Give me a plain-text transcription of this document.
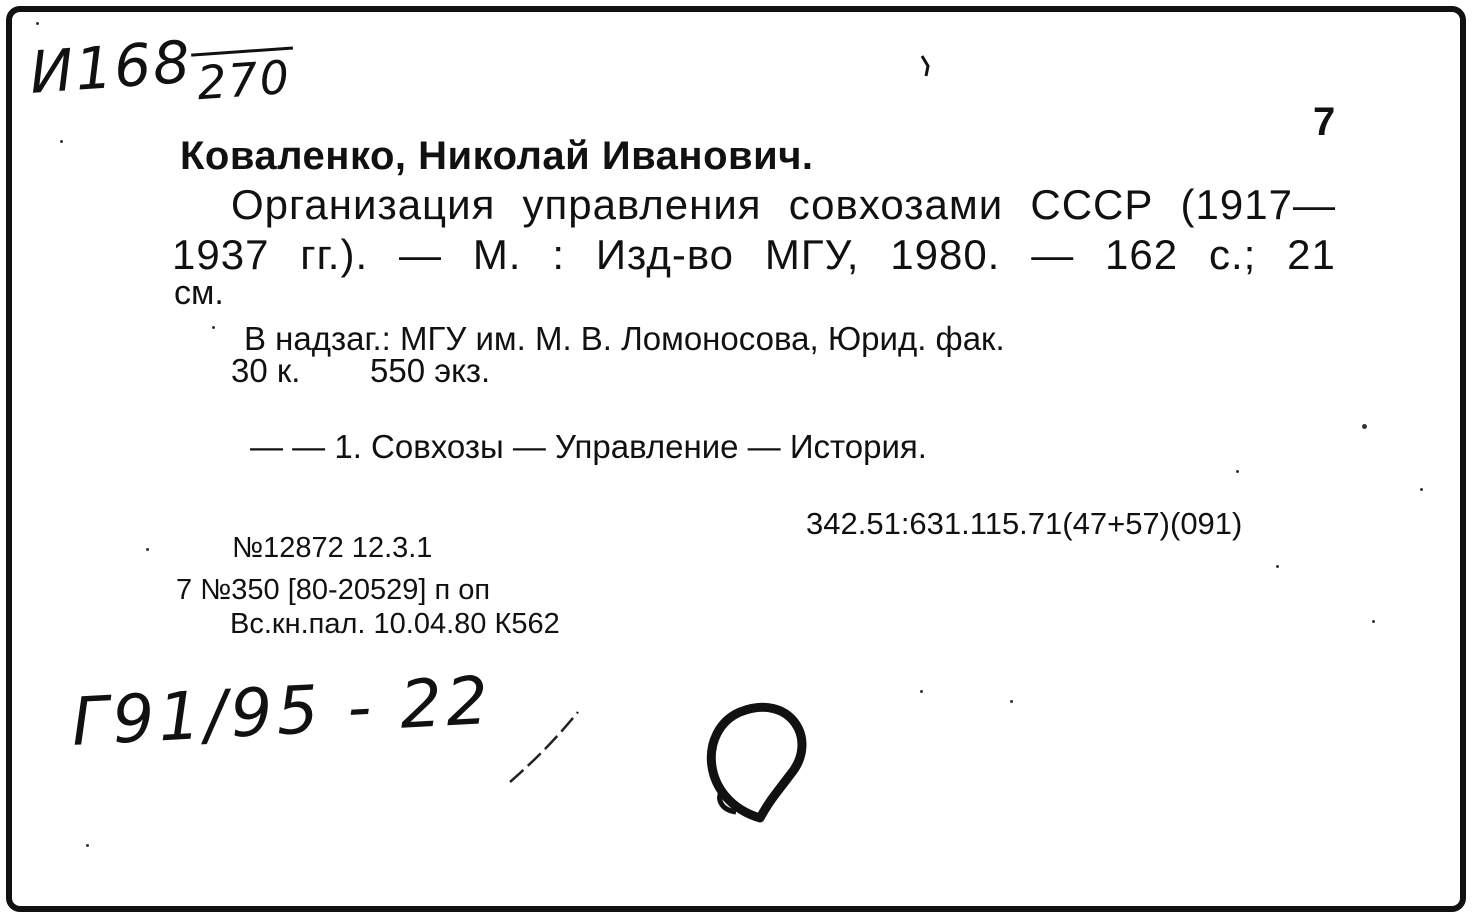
$И168_{270}$
7
Коваленко, Николай Иванович.
Организация управления совхозами СССР (1917—
1937 гг.). — М. : Изд-во МГУ, 1980. — 162 с.; 21
см.
В надзаг.: МГУ им. М. В. Ломоносова, Юрид. фак.
30 к. 550 экз.
— — 1. Совхозы — Управление — История.
342.51:631.115.71(47+57)(091)
№12872 12.3.1
7 №350 [80-20529] п оп
Вс.кн.пал. 10.04.80 К562
Г91/95 - 22
